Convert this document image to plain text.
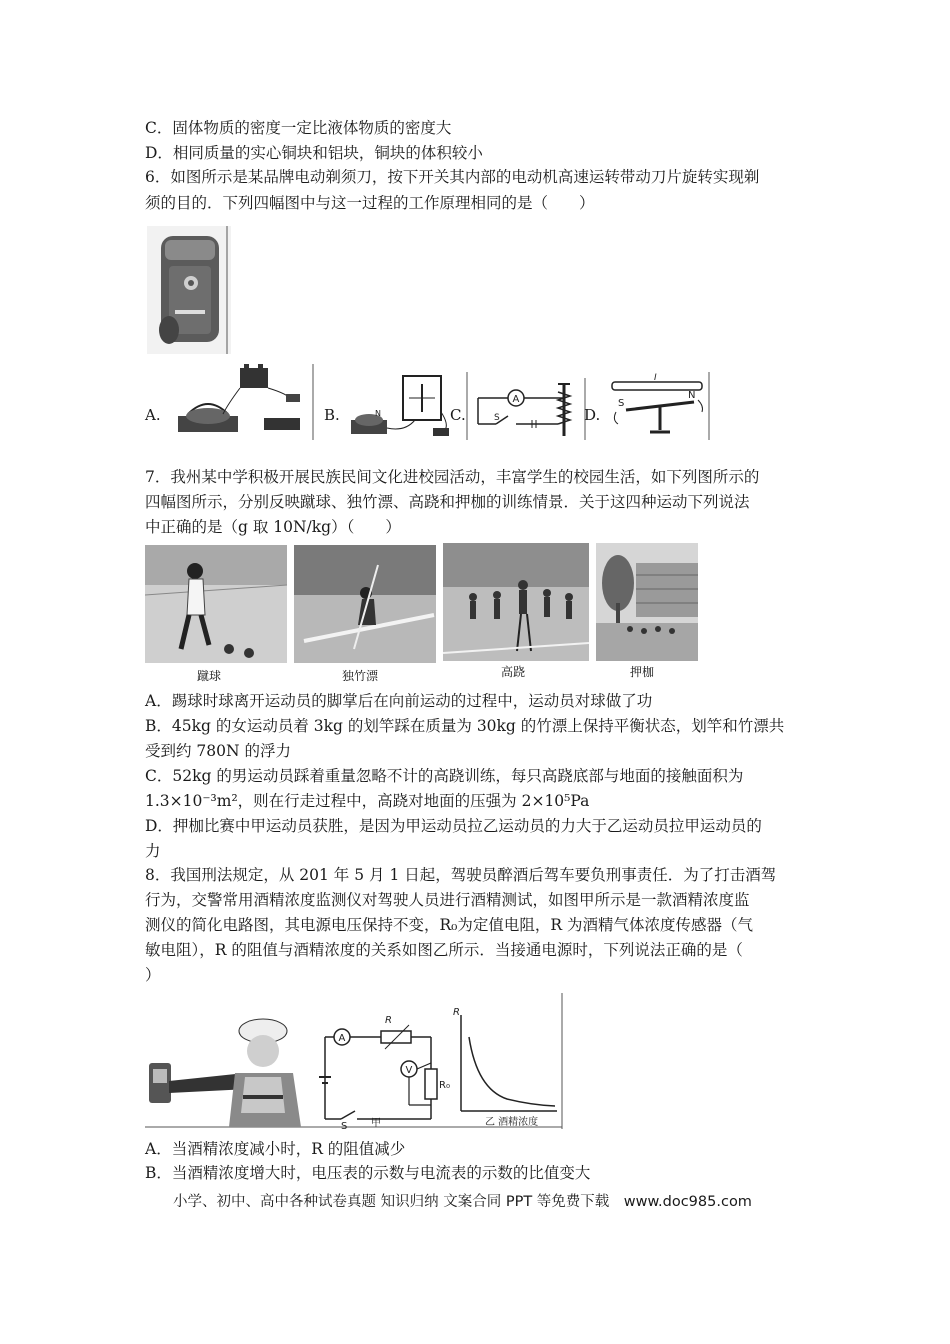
C．固体物质的密度一定比液体物质的密度大
D．相同质量的实心铜块和铝块，铜块的体积较小
6．如图所示是某品牌电动剃须刀，按下开关其内部的电动机高速运转带动刀片旋转实现剃
须的目的．下列四幅图中与这一过程的工作原理相同的是（　　）
A.	B.	N	C.
A
S	D.
I
S
N
7．我州某中学积极开展民族民间文化进校园活动，丰富学生的校园生活，如下列图所示的
四幅图所示，分别反映蹴球、独竹漂、高跷和押枷的训练情景．关于这四种运动下列说法
中正确的是（g 取 10N/kg）（　　）
蹴球	独竹漂	高跷	押枷
A．踢球时球离开运动员的脚掌后在向前运动的过程中，运动员对球做了功
B．45kg 的女运动员着 3kg 的划竿踩在质量为 30kg 的竹漂上保持平衡状态，划竿和竹漂共
受到约 780N 的浮力
C．52kg 的男运动员踩着重量忽略不计的高跷训练，每只高跷底部与地面的接触面积为
1.3×10⁻³m²，则在行走过程中，高跷对地面的压强为 2×10⁵Pa
D．押枷比赛中甲运动员获胜，是因为甲运动员拉乙运动员的力大于乙运动员拉甲运动员的
力
8．我国刑法规定，从 201 年 5 月 1 日起，驾驶员醉酒后驾车要负刑事责任．为了打击酒驾
行为，交警常用酒精浓度监测仪对驾驶人员进行酒精测试，如图甲所示是一款酒精浓度监
测仪的简化电路图，其电源电压保持不变，R₀为定值电阻，R 为酒精气体浓度传感器（气
敏电阻），R 的阻值与酒精浓度的关系如图乙所示．当接通电源时，下列说法正确的是（
）
A
R
R₀
V
S 甲
R
乙 酒精浓度
A．当酒精浓度减小时，R 的阻值减少
B．当酒精浓度增大时，电压表的示数与电流表的示数的比值变大
小学、初中、高中各种试卷真题 知识归纳 文案合同 PPT 等免费下载　www.doc985.com
